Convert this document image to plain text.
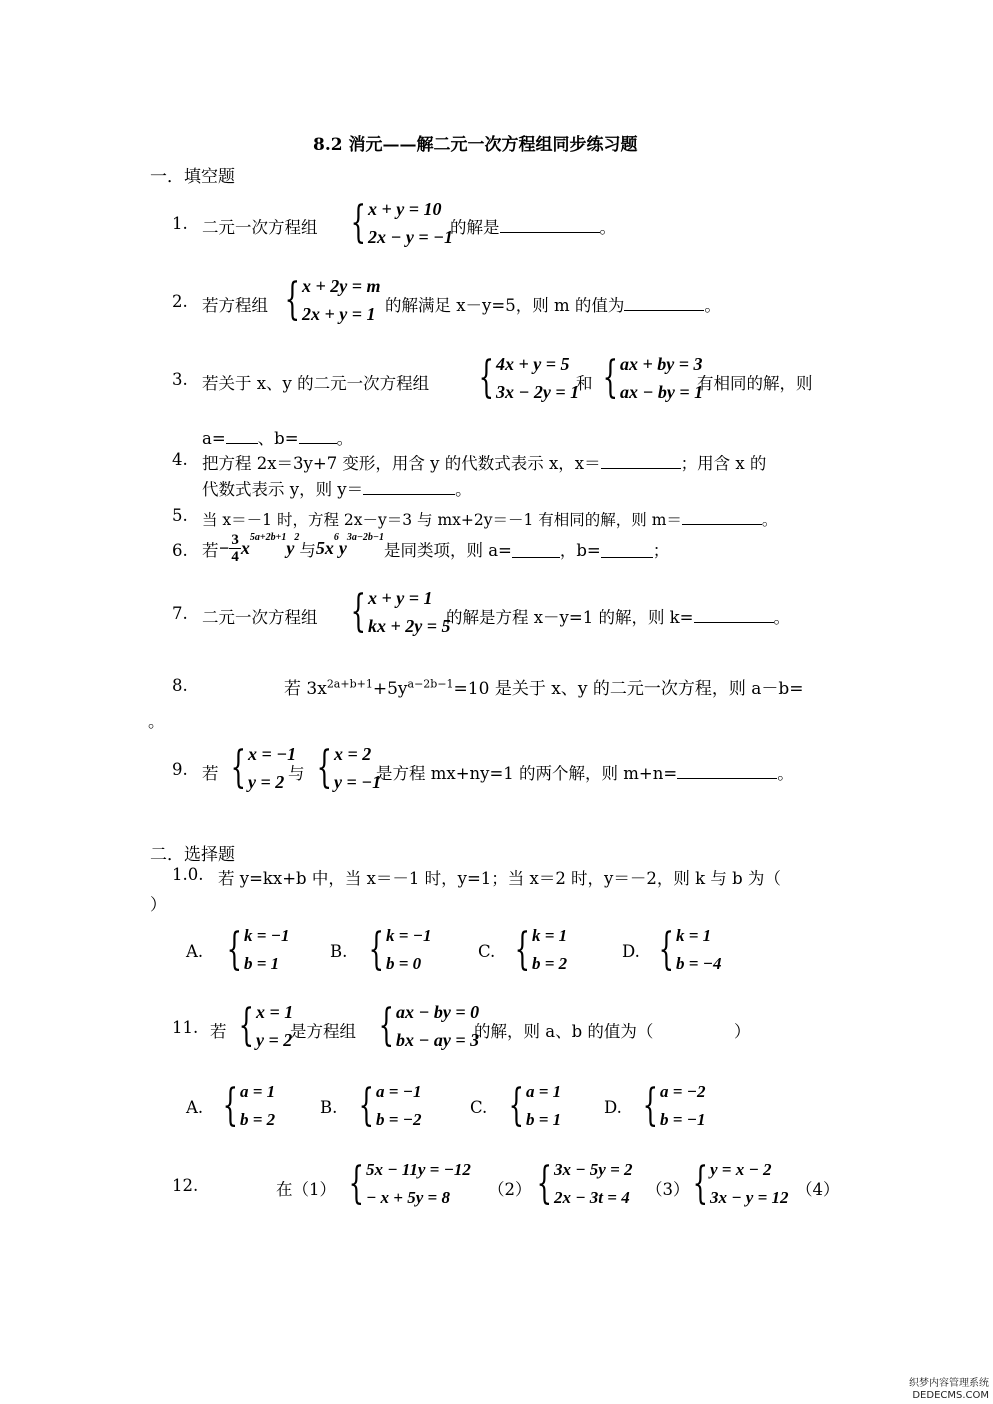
8.2 消元——解二元一次方程组同步练习题
一．填空题
1. 二元一次方程组 { x + y = 10
2x − y = −1
的解是	。
2. 若方程组 { x + 2y = m
2x + y = 1 的解满足 x－y=5，则 m 的值为	。
3. 若关于 x、y 的二元一次方程组 { 4x + y = 5
3x − 2y = 1
和 { ax + by = 3
ax − by = 1
有相同的解，则
a= 、b= 。
4. 把方程 2x＝3y+7 变形，用含 y 的代数式表示 x，x＝	；用含 x 的
代数式表示 y，则 y＝	。
5. 当 x＝－1 时，方程 2x－y＝3 与 mx+2y＝－1 有相同的解，则 m＝	。
6. 若 − $\frac{3}{4}$ x
$^{5a+2b+1}$
y
$^2$
与 5x
$^6$
y
$^{3a-2b-1}$
是同类项，则 a=	，b=	；
7. 二元一次方程组 { x + y = 1
kx + 2y = 5
的解是方程 x－y=1 的解，则 k=	。
8.	若 $3x^{2a+b+1}+5y^{a-2b-1}=10$ 是关于 x、y 的二元一次方程，则 a－b=
。
9. 若 { x = −1
y = 2 与 { x = 2
y = −1
是方程 mx+ny=1 的两个解，则 m+n=	。
二．选择题
1.0. 若 y=kx+b 中，当 x＝－1 时，y=1；当 x＝2 时，y＝－2，则 k 与 b 为（
）
A. { k = −1
b = 1
B. { k = −1
b = 0
C. { k = 1
b = 2
D. { k = 1
b = −4
11. 若 { x = 1
y = 2
是方程组 { ax − by = 0
bx − ay = 3
的解，则 a、b 的值为（	）
A. { a = 1
b = 2
B. { a = −1
b = −2
C. { a = 1
b = 1
D. { a = −2
b = −1
12.	在（1） { 5x − 11y = −12
− x + 5y = 8	（2） { 3x − 5y = 2
2x − 3t = 4 （3） { y = x − 2
3x − y = 12 （4）
织梦内容管理系统
DEDECMS.COM
